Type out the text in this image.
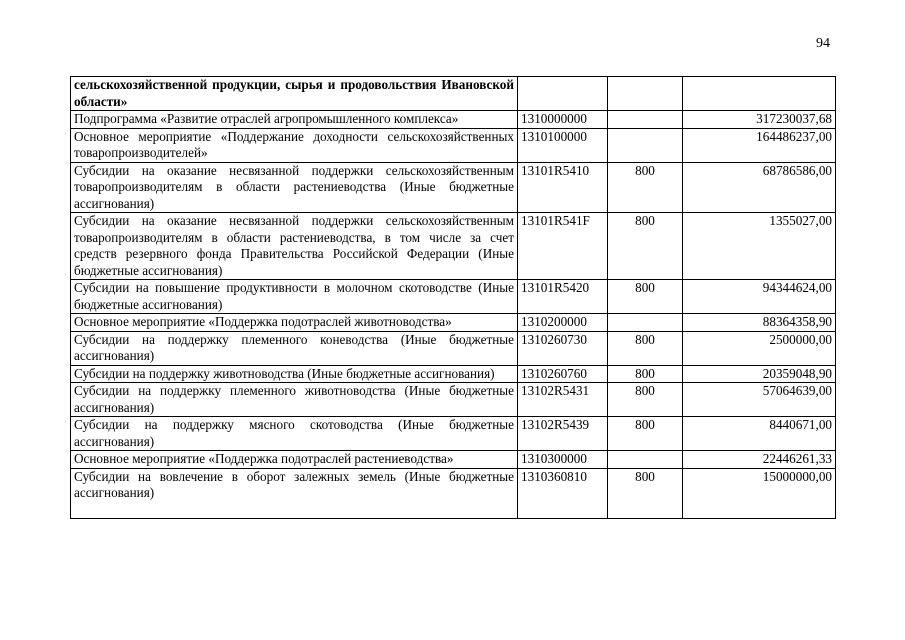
94
сельскохозяйственной продукции, сырья и продовольствия Ивановской области»			
Подпрограмма «Развитие отраслей агропромышленного комплекса»	1310000000		317230037,68
Основное мероприятие «Поддержание доходности сельскохозяйственных товаропроизводителей»	1310100000		164486237,00
Субсидии на оказание несвязанной поддержки сельскохозяйственным товаропроизводителям в области растениеводства (Иные бюджетные ассигнования)	13101R5410	800	68786586,00
Субсидии на оказание несвязанной поддержки сельскохозяйственным товаропроизводителям в области растениеводства, в том числе за счет средств резервного фонда Правительства Российской Федерации (Иные бюджетные ассигнования)	13101R541F	800	1355027,00
Субсидии на повышение продуктивности в молочном скотоводстве (Иные бюджетные ассигнования)	13101R5420	800	94344624,00
Основное мероприятие «Поддержка подотраслей животноводства»	1310200000		88364358,90
Субсидии на поддержку племенного коневодства (Иные бюджетные ассигнования)	1310260730	800	2500000,00
Субсидии на поддержку животноводства (Иные бюджетные ассигнования)	1310260760	800	20359048,90
Субсидии на поддержку племенного животноводства (Иные бюджетные ассигнования)	13102R5431	800	57064639,00
Субсидии на поддержку мясного скотоводства (Иные бюджетные ассигнования)	13102R5439	800	8440671,00
Основное мероприятие «Поддержка подотраслей растениеводства»	1310300000		22446261,33
Субсидии на вовлечение в оборот залежных земель (Иные бюджетные ассигнования)	1310360810	800	15000000,00
